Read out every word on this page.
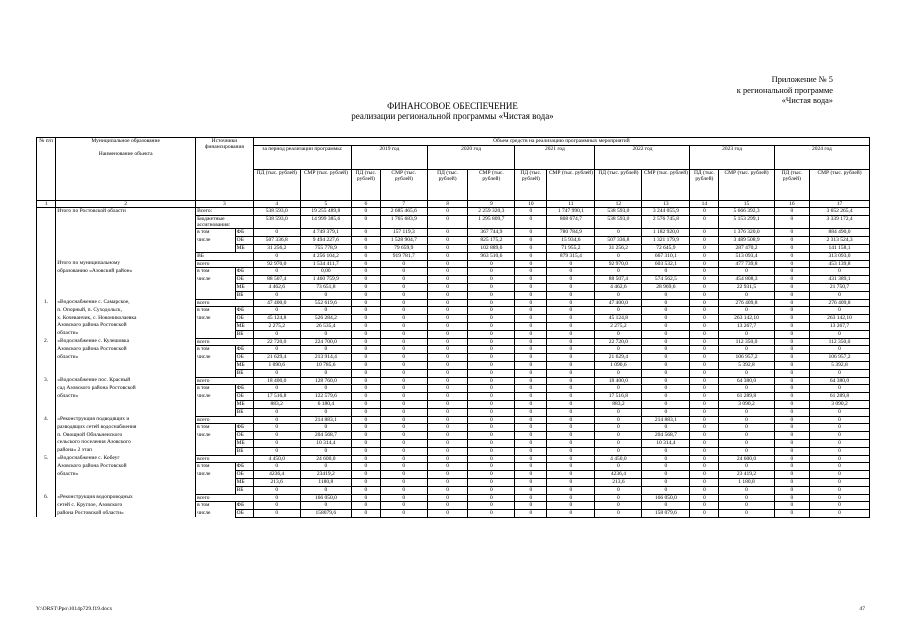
Приложение № 5
к региональной программе
«Чистая вода»
ФИНАНСОВОЕ ОБЕСПЕЧЕНИЕ
реализации региональной программы «Чистая вода»
№ п/п	Муниципальное образование
Наименование объекта	Источники финансирования		Объем средств на реализацию программных мероприятий													
				за период реализации программы:		2019 год		2020 год		2021 год		2022 год		2023 год		2024 год	
				ПД (тыс. рублей)	СМР (тыс. рублей)	ПД (тыс. рублей)	СМР (тыс. рублей)	ПД (тыс. рублей)	СМР (тыс. рублей)	ПД (тыс. рублей)	СМР (тыс. рублей)	ПД (тыс. рублей)	СМР (тыс. рублей)	ПД (тыс. рублей)	СМР (тыс. рублей)	ПД (тыс. рублей)	СМР (тыс. рублей)
1	2	3		4	5	6	7	8	9	10	11	12	13	14	15	16	17
	Итого по Ростовской области	Всего:		538 593,0	19 255 489,8	0	2 685 465,6	0	2 259 320,3	0	1 747 990,1	538 593,0	3 244 055,9	0	5 666 392,3	0	3 652 265,4
		Бюджетные ассигнования:		538 593,0	14 999 385,6	0	1 765 683,9	0	1 295 809,7	0	868 674,7	538 593,0	2 576 745,8	0	5 153 299,1	0	3 339 172,4
		в том	ФБ	0	4 749 379,1	0	157 119,3	0	367 744,9	0	780 784,9	0	1 182 920,0	0	1 376 320,0	0	884 490,0
		числе	ОБ	507 336,8	9 494 227,6	0	1 528 904,7	0	825 175,2	0	15 934,6	507 336,8	1 321 179,9	0	3 489 508,9	0	2 313 524,3
			МБ	31 256,2	755 778,9	0	79 659,9	0	102 889,6	0	71 955,2	31 256,2	72 645,9	0	287 470,2	0	141 158,1
		ВБ		0	4 256 104,2	0	919 781,7	0	963 510,6	0	879 315,4	0	667 310,1	0	513 093,4	0	313 093,0
	Итого по муниципальному	всего		92 970,0	1 534 411,7	0	0	0	0	0	0	92 970,0	603 532,1	0	477 739,8	0	453 139,8
	образованию «Азовский район»	в том	ФБ	0	0,00	0	0	0	0	0	0	0	0	0	0	0	0
		числе	ОБ	88 507,4	1 460 759,9	0	0	0	0	0	0	88 507,4	574 562,5	0	454 808,3	0	431 389,1
			МБ	4 462,6	73 651,8	0	0	0	0	0	0	4 462,6	28 969,6	0	22 931,5	0	21 750,7
			ВБ	0	0	0	0	0	0	0	0	0	0	0	0	0	0
1.	«Водоснабжение с. Самарское,	всего		47 400,0	552 619,6	0	0	0	0	0	0	47 400,0	0	0	276 409,8	0	276 409,8
	п. Опорный, п. Суходольск,	в том	ФБ	0	0	0	0	0	0	0	0	0	0	0	0	0	0
	х. Кочеванчик, с. Новониколаевка	числе	ОБ	45 124,8	526 284,2	0	0	0	0	0	0	45 124,8	0	0	263 142,10	0	263 142,10
	Азовского района Ростовской		МБ	2 275,2	26 535,4	0	0	0	0	0	0	2 275,2	0	0	13 267,7	0	13 267,7
	области»		ВБ	0	0	0	0	0	0	0	0	0	0	0	0	0	0
2.	«Водоснабжение с. Кулешовка	всего		22 720,0	224 700,0	0	0	0	0	0	0	22 720,0	0	0	112 350,0	0	112 350,0
	Азовского района Ростовской	в том	ФБ	0	0	0	0	0	0	0	0	0	0	0	0	0	0
	области»	числе	ОБ	21 629,4	213 914,4	0	0	0	0	0	0	21 629,4	0	0	106 957,2	0	106 957,2
			МБ	1 090,6	10 785,6	0	0	0	0	0	0	1 090,6	0	0	5 392,8	0	5 392,8
			ВБ	0	0	0	0	0	0	0	0	0	0	0	0	0	0
3.	«Водоснабжение пос. Красный	всего		18 400,0	128 760,0	0	0	0	0	0	0	18 400,0	0	0	64 380,0	0	64 380,0
	сад Азовского района Ростовской	в том	ФБ	0	0	0	0	0	0	0	0	0	0	0	0	0	0
	области»	числе	ОБ	17 516,8	122 579,6	0	0	0	0	0	0	17 516,8	0	0	61 289,8	0	61 289,8
			МБ	883,2	6 180,4	0	0	0	0	0	0	883,2	0	0	3 090,2	0	3 090,2
			ВБ	0	0	0	0	0	0	0	0	0	0	0	0	0	0
4.	«Реконструкция подводящих и	всего		0	214 883,1	0	0	0	0	0	0	0	214 883,1	0	0	0	0
	разводящих сетей водоснабжения	в том	ФБ	0	0	0	0	0	0	0	0	0	0	0	0	0	0
	п. Овощной Обильненского	числе	ОБ	0	204 568,7	0	0	0	0	0	0	0	204 568,7	0	0	0	0
	сельского поселения Азовского		МБ	0	10 314,4	0	0	0	0	0	0	0	10 314,4	0	0	0	0
	района» 2 этап		ВБ	0	0	0	0	0	0	0	0	0	0	0	0	0	0
5.	«Водоснабжение с. Кобеуг	всего		4 450,0	24 600,0	0	0	0	0	0	0	4 450,0	0	0	24 600,0	0	0
	Азовского района Ростовской	в том	ФБ	0	0	0	0	0	0	0	0	0	0	0	0	0	0
	области»	числе	ОБ	4236,4	23419,2	0	0	0	0	0	0	4236,4	0	0	23 419,2	0	0
			МБ	213,6	1180,8	0	0	0	0	0	0	213,6	0	0	1 180,8	0	0
			ВБ	0	0	0	0	0	0	0	0	0	0	0	0	0	0
6.	«Реконструкция водопроводных	всего		0	166 050,0	0	0	0	0	0	0	0	166 050,0	0	0	0	0
	сетей с. Круглое, Азовского	в том	ФБ	0	0	0	0	0	0	0	0	0	0	0	0	0	0
	района Ростовской области»	числе	ОБ	0	158079,6	0	0	0	0	0	0	0	158 079,6	0	0	0	0
Y:\ORST\Ppo\1014p729.f19.docx	47
